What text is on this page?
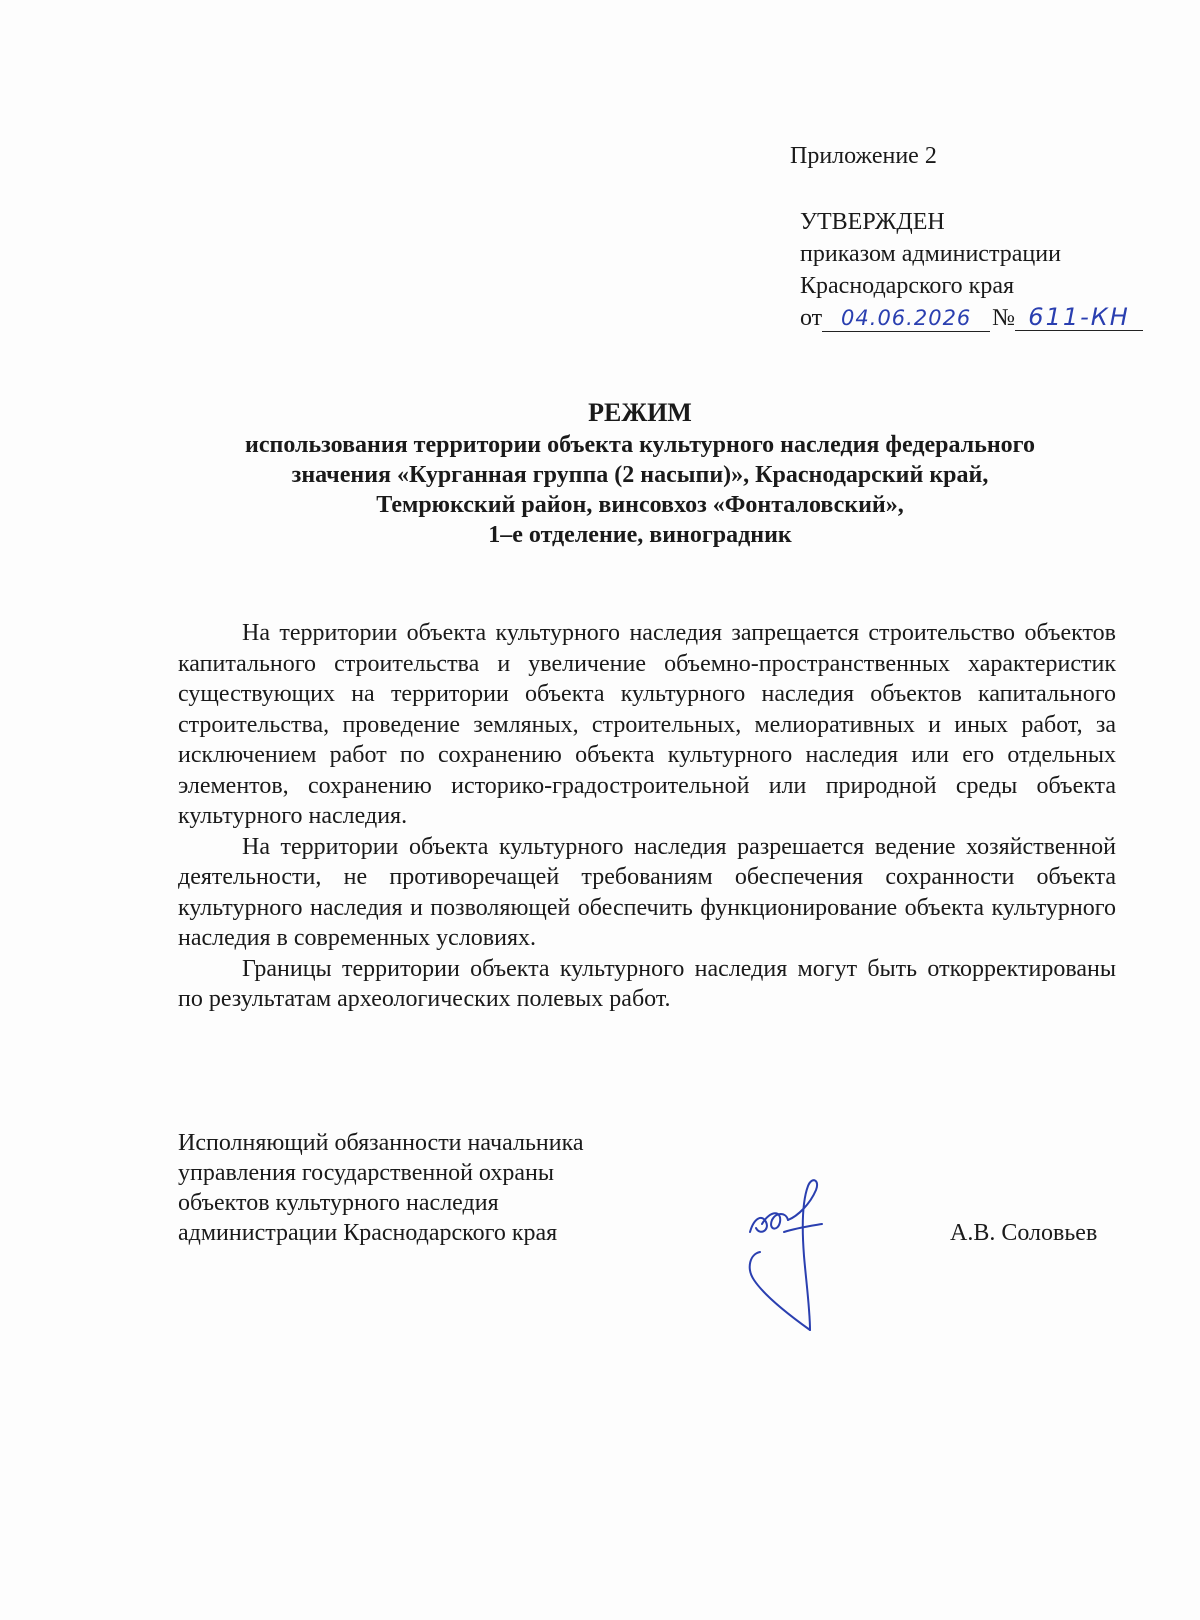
Приложение 2
УТВЕРЖДЕН
приказом администрации
Краснодарского края
от 04.06.2026 № 611-КН
РЕЖИМ
использования территории объекта культурного наследия федерального
значения «Курганная группа (2 насыпи)», Краснодарский край,
Темрюкский район, винсовхоз «Фонталовский»,
1–е отделение, виноградник

На территории объекта культурного наследия запрещается строительство объектов капитального строительства и увеличение объемно-пространственных характеристик существующих на территории объекта культурного наследия объектов капитального строительства, проведение земляных, строительных, мелиоративных и иных работ, за исключением работ по сохранению объекта культурного наследия или его отдельных элементов, сохранению историко-градостроительной или природной среды объекта культурного наследия.

На территории объекта культурного наследия разрешается ведение хозяйственной деятельности, не противоречащей требованиям обеспечения сохранности объекта культурного наследия и позволяющей обеспечить функционирование объекта культурного наследия в современных условиях.

Границы территории объекта культурного наследия могут быть откорректированы по результатам археологических полевых работ.

Исполняющий обязанности начальника
управления государственной охраны
объектов культурного наследия
администрации Краснодарского края	А.В. Соловьев
